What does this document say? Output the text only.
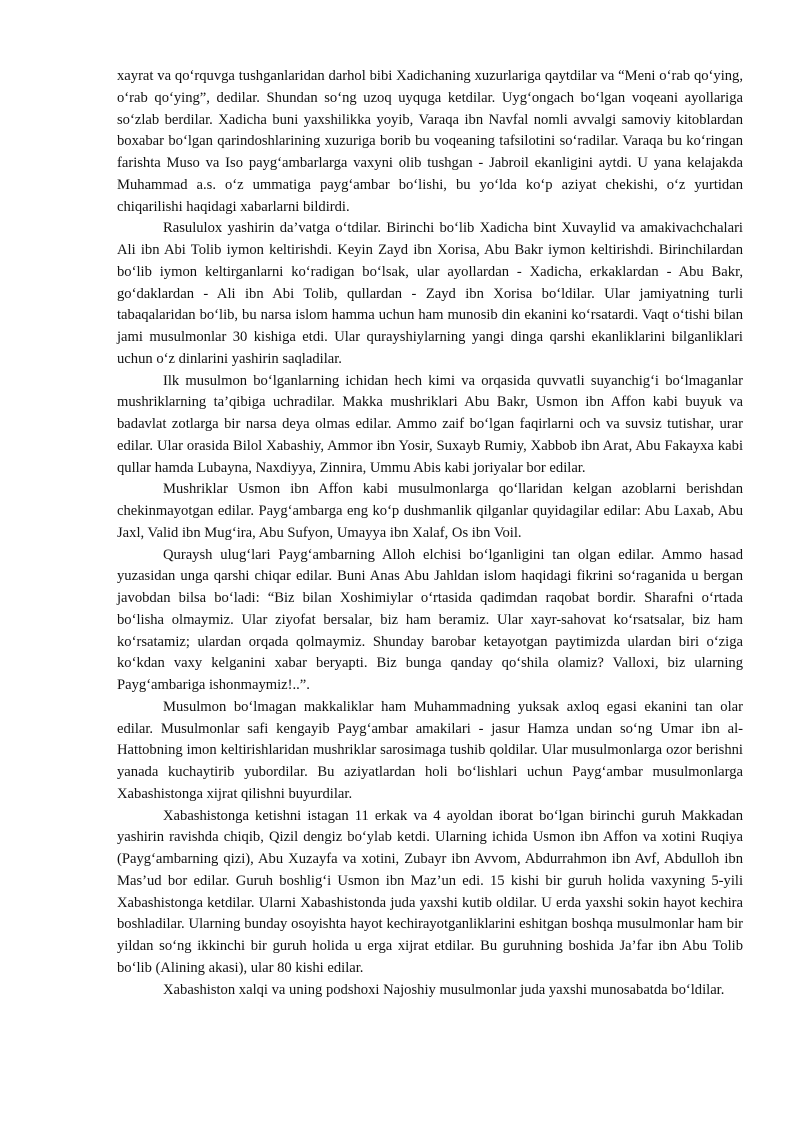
xayrat va qo‘rquvga tushganlaridan darhol bibi Xadichaning xuzurlariga qaytdilar va “Meni o‘rab qo‘ying, o‘rab qo‘ying”, dedilar. Shundan so‘ng uzoq uyquga ketdilar. Uyg‘ongach bo‘lgan voqeani ayollariga so‘zlab berdilar. Xadicha buni yaxshilikka yoyib, Varaqa ibn Navfal nomli avvalgi samoviy kitoblardan boxabar bo‘lgan qarindoshlarining xuzuriga borib bu voqeaning tafsilotini so‘radilar. Varaqa bu ko‘ringan farishta Muso va Iso payg‘ambarlarga vaxyni olib tushgan - Jabroil ekanligini aytdi. U yana kelajakda Muhammad a.s. o‘z ummatiga payg‘ambar bo‘lishi, bu yo‘lda ko‘p aziyat chekishi, o‘z yurtidan chiqarilishi haqidagi xabarlarni bildirdi.

Rasululox yashirin da’vatga o‘tdilar. Birinchi bo‘lib Xadicha bint Xuvaylid va amakivachchalari Ali ibn Abi Tolib iymon keltirishdi. Keyin Zayd ibn Xorisa, Abu Bakr iymon keltirishdi. Birinchilardan bo‘lib iymon keltirganlarni ko‘radigan bo‘lsak, ular ayollardan - Xadicha, erkaklardan - Abu Bakr, go‘daklardan - Ali ibn Abi Tolib, qullardan - Zayd ibn Xorisa bo‘ldilar. Ular jamiyatning turli tabaqalaridan bo‘lib, bu narsa islom hamma uchun ham munosib din ekanini ko‘rsatardi. Vaqt o‘tishi bilan jami musulmonlar 30 kishiga etdi. Ular qurayshiylarning yangi dinga qarshi ekanliklarini bilganliklari uchun o‘z dinlarini yashirin saqladilar.

Ilk musulmon bo‘lganlarning ichidan hech kimi va orqasida quvvatli suyanchig‘i bo‘lmaganlar mushriklarning ta’qibiga uchradilar. Makka mushriklari Abu Bakr, Usmon ibn Affon kabi buyuk va badavlat zotlarga bir narsa deya olmas edilar. Ammo zaif bo‘lgan faqirlarni och va suvsiz tutishar, urar edilar. Ular orasida Bilol Xabashiy, Ammor ibn Yosir, Suxayb Rumiy, Xabbob ibn Arat, Abu Fakayxa kabi qullar hamda Lubayna, Naxdiyya, Zinnira, Ummu Abis kabi joriyalar bor edilar.

Mushriklar Usmon ibn Affon kabi musulmonlarga qo‘llaridan kelgan azoblarni berishdan chekinmayotgan edilar. Payg‘ambarga eng ko‘p dushmanlik qilganlar quyidagilar edilar: Abu Laxab, Abu Jaxl, Valid ibn Mug‘ira, Abu Sufyon, Umayya ibn Xalaf, Os ibn Voil.

Quraysh ulug‘lari Payg‘ambarning Alloh elchisi bo‘lganligini tan olgan edilar. Ammo hasad yuzasidan unga qarshi chiqar edilar. Buni Anas Abu Jahldan islom haqidagi fikrini so‘raganida u bergan javobdan bilsa bo‘ladi: “Biz bilan Xoshimiylar o‘rtasida qadimdan raqobat bordir. Sharafni o‘rtada bo‘lisha olmaymiz. Ular ziyofat bersalar, biz ham beramiz. Ular xayr-sahovat ko‘rsatsalar, biz ham ko‘rsatamiz; ulardan orqada qolmaymiz. Shunday barobar ketayotgan paytimizda ulardan biri o‘ziga ko‘kdan vaxy kelganini xabar beryapti. Biz bunga qanday qo‘shila olamiz? Valloxi, biz ularning Payg‘ambariga ishonmaymiz!..”.

Musulmon bo‘lmagan makkaliklar ham Muhammadning yuksak axloq egasi ekanini tan olar edilar. Musulmonlar safi kengayib Payg‘ambar amakilari - jasur Hamza undan so‘ng Umar ibn al-Hattobning imon keltirishlaridan mushriklar sarosimaga tushib qoldilar. Ular musulmonlarga ozor berishni yanada kuchaytirib yubordilar. Bu aziyatlardan holi bo‘lishlari uchun Payg‘ambar musulmonlarga Xabashistonga xijrat qilishni buyurdilar.

Xabashistonga ketishni istagan 11 erkak va 4 ayoldan iborat bo‘lgan birinchi guruh Makkadan yashirin ravishda chiqib, Qizil dengiz bo‘ylab ketdi. Ularning ichida Usmon ibn Affon va xotini Ruqiya (Payg‘ambarning qizi), Abu Xuzayfa va xotini, Zubayr ibn Avvom, Abdurrahmon ibn Avf, Abdulloh ibn Mas’ud bor edilar. Guruh boshlig‘i Usmon ibn Maz’un edi. 15 kishi bir guruh holida vaxyning 5-yili Xabashistonga ketdilar. Ularni Xabashistonda juda yaxshi kutib oldilar. U erda yaxshi sokin hayot kechira boshladilar. Ularning bunday osoyishta hayot kechirayotganliklarini eshitgan boshqa musulmonlar ham bir yildan so‘ng ikkinchi bir guruh holida u erga xijrat etdilar. Bu guruhning boshida Ja’far ibn Abu Tolib bo‘lib (Alining akasi), ular 80 kishi edilar.

Xabashiston xalqi va uning podshoxi Najoshiy musulmonlar juda yaxshi munosabatda bo‘ldilar.
